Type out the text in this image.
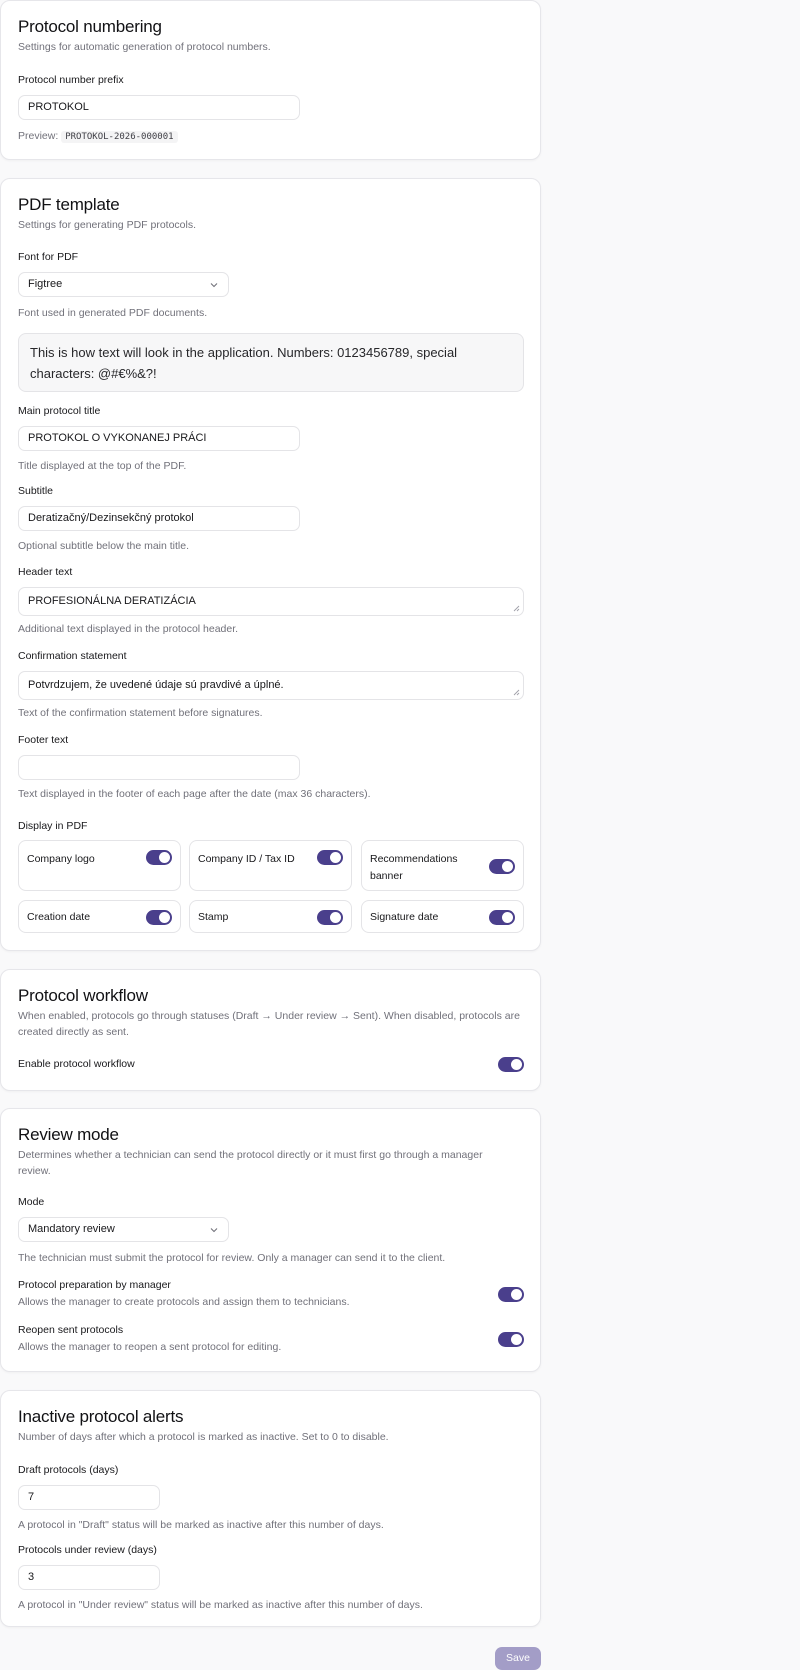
Protocol numbering
Settings for automatic generation of protocol numbers.
Protocol number prefix
PROTOKOL
Preview: PROTOKOL-2026-000001
PDF template
Settings for generating PDF protocols.
Font for PDF
Figtree
Font used in generated PDF documents.
This is how text will look in the application. Numbers: 0123456789, special characters: @#€%&?!
Main protocol title
PROTOKOL O VYKONANEJ PRÁCI
Title displayed at the top of the PDF.
Subtitle
Deratizačný/Dezinsekčný protokol
Optional subtitle below the main title.
Header text
PROFESIONÁLNA DERATIZÁCIA
Additional text displayed in the protocol header.
Confirmation statement
Potvrdzujem, že uvedené údaje sú pravdivé a úplné.
Text of the confirmation statement before signatures.
Footer text
Text displayed in the footer of each page after the date (max 36 characters).
Display in PDF
Company logo	Company ID / Tax ID	Recommendations banner
Creation date	Stamp	Signature date
Protocol workflow
When enabled, protocols go through statuses (Draft → Under review → Sent). When disabled, protocols are created directly as sent.
Enable protocol workflow
Review mode
Determines whether a technician can send the protocol directly or it must first go through a manager review.
Mode
Mandatory review
The technician must submit the protocol for review. Only a manager can send it to the client.
Protocol preparation by manager
Allows the manager to create protocols and assign them to technicians.
Reopen sent protocols
Allows the manager to reopen a sent protocol for editing.
Inactive protocol alerts
Number of days after which a protocol is marked as inactive. Set to 0 to disable.
Draft protocols (days)
7
A protocol in "Draft" status will be marked as inactive after this number of days.
Protocols under review (days)
3
A protocol in "Under review" status will be marked as inactive after this number of days.
Save
